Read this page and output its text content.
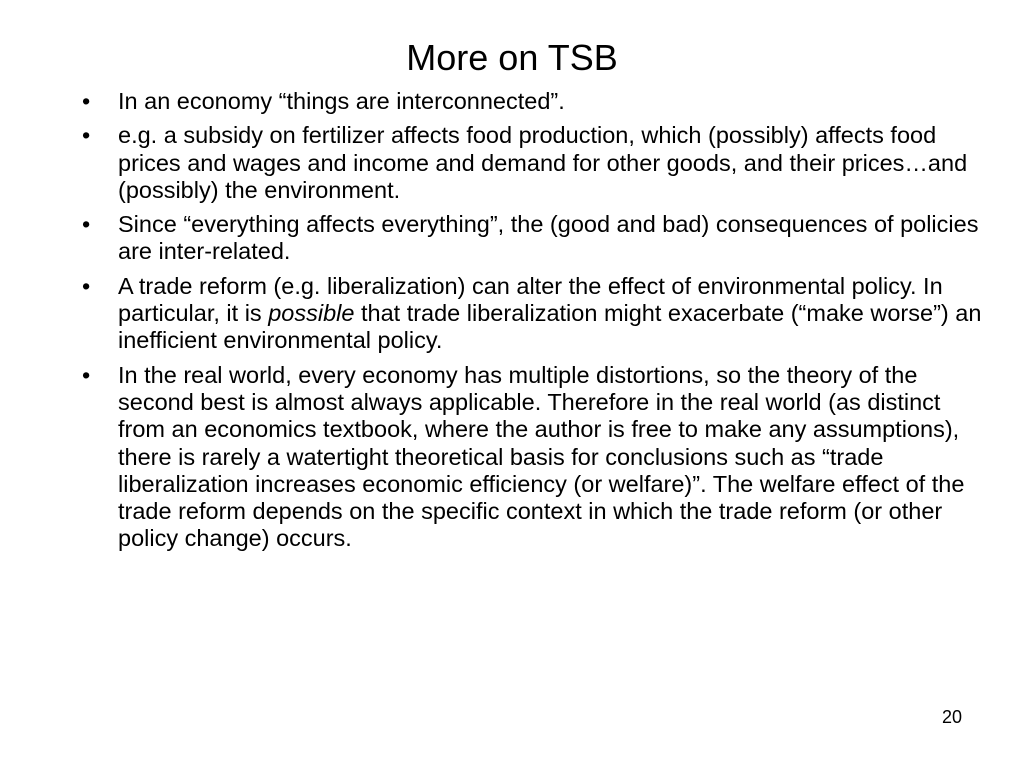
More on TSB
• In an economy “things are interconnected”.
• e.g. a subsidy on fertilizer affects food production, which (possibly) affects food prices and wages and income and demand for other goods, and their prices…and (possibly) the environment.
• Since “everything affects everything”, the (good and bad) consequences of policies are inter-related.
• A trade reform (e.g. liberalization) can alter the effect of environmental policy. In particular, it is possible that trade liberalization might exacerbate (“make worse”) an inefficient environmental policy.
• In the real world, every economy has multiple distortions, so the theory of the second best is almost always applicable. Therefore in the real world (as distinct from an economics textbook, where the author is free to make any assumptions), there is rarely a watertight theoretical basis for conclusions such as “trade liberalization increases economic efficiency (or welfare)”. The welfare effect of the trade reform depends on the specific context in which the trade reform (or other policy change) occurs.
20
